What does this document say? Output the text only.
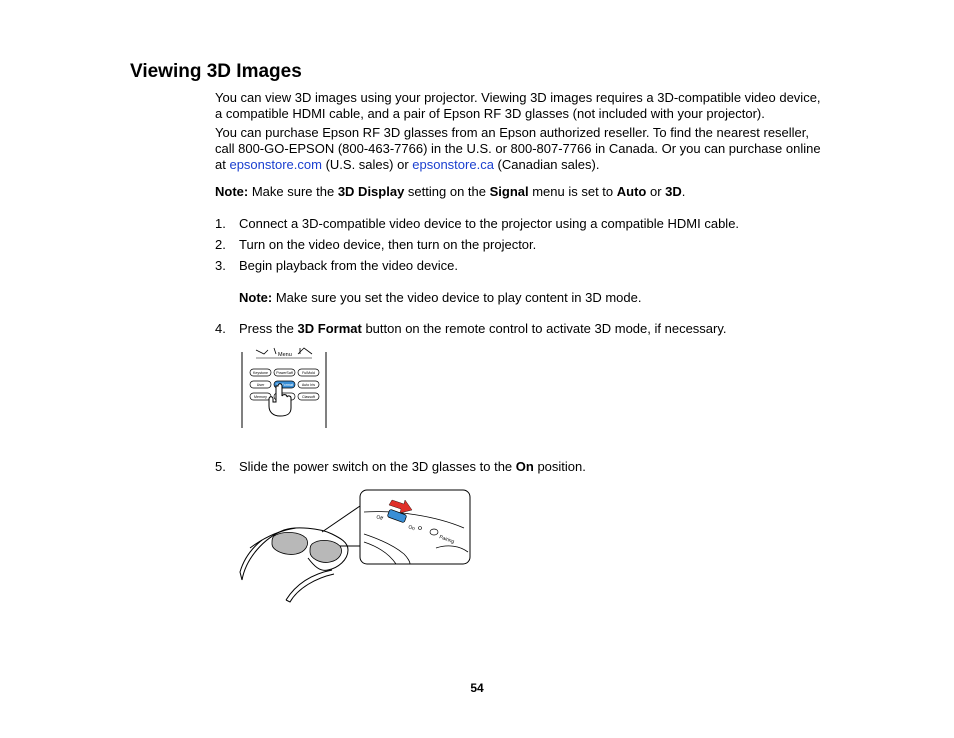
Viewing 3D Images

You can view 3D images using your projector. Viewing 3D images requires a 3D-compatible video device, a compatible HDMI cable, and a pair of Epson RF 3D glasses (not included with your projector).

You can purchase Epson RF 3D glasses from an Epson authorized reseller. To find the nearest reseller, call 800-GO-EPSON (800-463-7766) in the U.S. or 800-807-7766 in Canada. Or you can purchase online at epsonstore.com (U.S. sales) or epsonstore.ca (Canadian sales).

Note: Make sure the 3D Display setting on the Signal menu is set to Auto or 3D.

1. Connect a 3D-compatible video device to the projector using a compatible HDMI cable.
2. Turn on the video device, then turn on the projector.
3. Begin playback from the video device.
Note: Make sure you set the video device to play content in 3D mode.
4. Press the 3D Format button on the remote control to activate 3D mode, if necessary.
Menu
Keystone PowerSaff	FulMold
User	3D Format Auto Iris
Memory	Classoft
5. Slide the power switch on the 3D glasses to the On position.
Off
On
Pairing
54
